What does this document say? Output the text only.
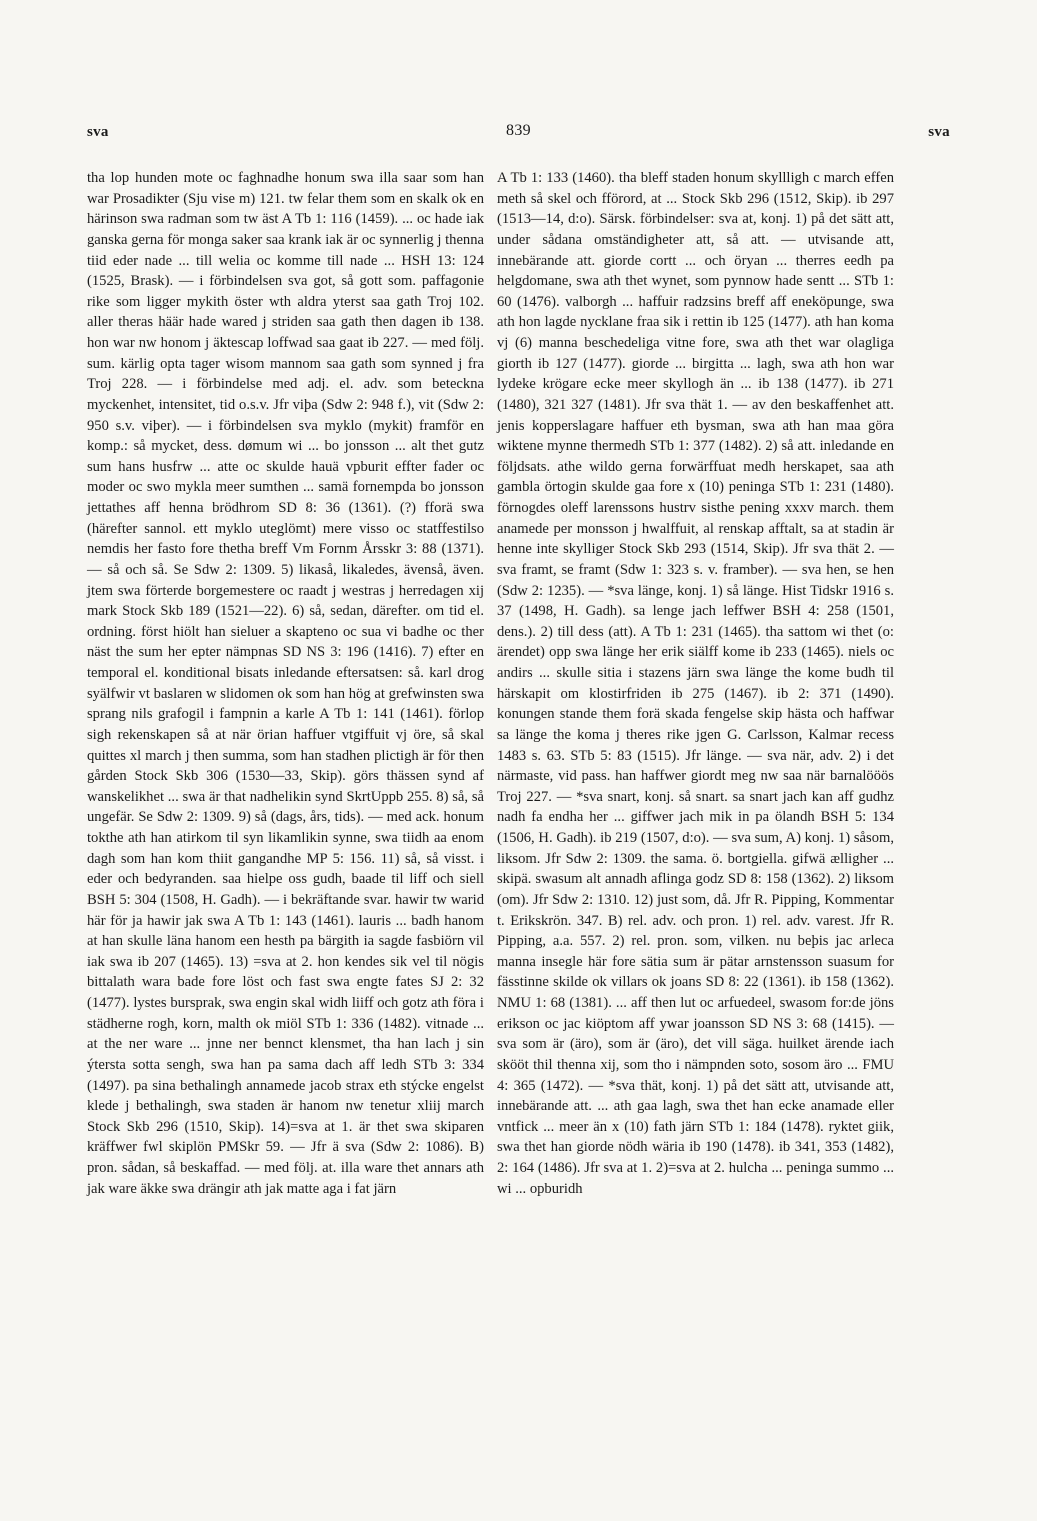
sva	839	sva

tha lop hunden mote oc faghnadhe honum swa illa saar som han war Prosadikter (Sju vise m) 121. tw felar them som en skalk ok en härinson swa radman som tw äst A Tb 1: 116 (1459). ... oc hade iak ganska gerna för monga saker saa krank iak är oc synnerlig j thenna tiid eder nade ... till welia oc komme till nade ... HSH 13: 124 (1525, Brask). — i förbindelsen sva got, så gott som. paffagonie rike som ligger mykith öster wth aldra yterst saa gath Troj 102. aller theras häär hade wared j striden saa gath then dagen ib 138. hon war nw honom j äktescap loffwad saa gaat ib 227. — med följ. sum. kärlig opta tager wisom mannom saa gath som synned j fra Troj 228. — i förbindelse med adj. el. adv. som beteckna myckenhet, intensitet, tid o.s.v. Jfr viþa (Sdw 2: 948 f.), vit (Sdw 2: 950 s.v. viþer). — i förbindelsen sva myklo (mykit) framför en komp.: så mycket, dess. dømum wi ... bo jonsson ... alt thet gutz sum hans husfrw ... atte oc skulde hauä vpburit effter fader oc moder oc swo mykla meer sumthen ... samä fornempda bo jonsson jettathes aff henna brödhrom SD 8: 36 (1361). (?) fforä swa (härefter sannol. ett myklo uteglömt) mere visso oc statffestilso nemdis her fasto fore thetha breff Vm Fornm Årsskr 3: 88 (1371). — så och så. Se Sdw 2: 1309. 5) likaså, likaledes, ävenså, även. jtem swa förterde borgemestere oc raadt j westras j herredagen xij mark Stock Skb 189 (1521—22). 6) så, sedan, därefter. om tid el. ordning. först hiölt han sieluer a skapteno oc sua vi badhe oc ther näst the sum her epter nämpnas SD NS 3: 196 (1416). 7) efter en temporal el. konditional bisats inledande eftersatsen: så. karl drog syälfwir vt baslaren w slidomen ok som han hög at grefwinsten swa sprang nils grafogil i fampnin a karle A Tb 1: 141 (1461). förlop sigh rekenskapen så at när örian haffuer vtgiffuit vj öre, så skal quittes xl march j then summa, som han stadhen plictigh är för then gården Stock Skb 306 (1530—33, Skip). görs thässen synd af wanskelikhet ... swa är that nadhelikin synd SkrtUppb 255. 8) så, så ungefär. Se Sdw 2: 1309. 9) så (dags, års, tids). — med ack. honum tokthe ath han atirkom til syn likamlikin synne, swa tiidh aa enom dagh som han kom thiit gangandhe MP 5: 156. 11) så, så visst. i eder och bedyranden. saa hielpe oss gudh, baade til liff och siell BSH 5: 304 (1508, H. Gadh). — i bekräftande svar. hawir tw warid här för ja hawir jak swa A Tb 1: 143 (1461). lauris ... badh hanom at han skulle läna hanom een hesth pa bärgith ia sagde fasbiörn vil iak swa ib 207 (1465). 13) =sva at 2. hon kendes sik vel til nögis bittalath wara bade fore löst och fast swa engte fates SJ 2: 32 (1477). lystes bursprak, swa engin skal widh liiff och gotz ath föra i städherne rogh, korn, malth ok miöl STb 1: 336 (1482). vitnade ... at the ner ware ... jnne ner bennct klensmet, tha han lach j sin ýtersta sotta sengh, swa han pa sama dach aff ledh STb 3: 334 (1497). pa sina bethalingh annamede jacob strax eth stýcke engelst klede j bethalingh, swa staden är hanom nw tenetur xliij march Stock Skb 296 (1510, Skip). 14)=sva at 1. är thet swa skiparen kräffwer fwl skiplön PMSkr 59. — Jfr ä sva (Sdw 2: 1086). B) pron. sådan, så beskaffad. — med följ. at. illa ware thet annars ath jak ware äkke swa drängir ath jak matte aga i fat järn

A Tb 1: 133 (1460). tha bleff staden honum skyllligh c march effen meth så skel och fförord, at ... Stock Skb 296 (1512, Skip). ib 297 (1513—14, d:o). Särsk. förbindelser: sva at, konj. 1) på det sätt att, under sådana omständigheter att, så att. — utvisande att, innebärande att. giorde cortt ... och öryan ... therres eedh pa helgdomane, swa ath thet wynet, som pynnow hade sentt ... STb 1: 60 (1476). valborgh ... haffuir radzsins breff aff eneköpunge, swa ath hon lagde nycklane fraa sik i rettin ib 125 (1477). ath han koma vj (6) manna beschedeliga vitne fore, swa ath thet war olagliga giorth ib 127 (1477). giorde ... birgitta ... lagh, swa ath hon war lydeke krögare ecke meer skyllogh än ... ib 138 (1477). ib 271 (1480), 321 327 (1481). Jfr sva thät 1. — av den beskaffenhet att. jenis kopperslagare haffuer eth bysman, swa ath han maa göra wiktene mynne thermedh STb 1: 377 (1482). 2) så att. inledande en följdsats. athe wildo gerna forwärffuat medh herskapet, saa ath gambla örtogin skulde gaa fore x (10) peninga STb 1: 231 (1480). förnogdes oleff larenssons hustrv sisthe pening xxxv march. them anamede per monsson j hwalffuit, al renskap afftalt, sa at stadin är henne inte skylliger Stock Skb 293 (1514, Skip). Jfr sva thät 2. — sva framt, se framt (Sdw 1: 323 s. v. framber). — sva hen, se hen (Sdw 2: 1235). — *sva länge, konj. 1) så länge. Hist Tidskr 1916 s. 37 (1498, H. Gadh). sa lenge jach leffwer BSH 4: 258 (1501, dens.). 2) till dess (att). A Tb 1: 231 (1465). tha sattom wi thet (o: ärendet) opp swa länge her erik siälff kome ib 233 (1465). niels oc andirs ... skulle sitia i stazens järn swa länge the kome budh til härskapit om klostirfriden ib 275 (1467). ib 2: 371 (1490). konungen stande them forä skada fengelse skip hästa och haffwar sa länge the koma j theres rike jgen G. Carlsson, Kalmar recess 1483 s. 63. STb 5: 83 (1515). Jfr länge. — sva när, adv. 2) i det närmaste, vid pass. han haffwer giordt meg nw saa när barnalööös Troj 227. — *sva snart, konj. så snart. sa snart jach kan aff gudhz nadh fa endha her ... giffwer jach mik in pa ölandh BSH 5: 134 (1506, H. Gadh). ib 219 (1507, d:o). — sva sum, A) konj. 1) såsom, liksom. Jfr Sdw 2: 1309. the sama. ö. bortgiella. gifwä ælligher ... skipä. swasum alt annadh aflinga godz SD 8: 158 (1362). 2) liksom (om). Jfr Sdw 2: 1310. 12) just som, då. Jfr R. Pipping, Kommentar t. Erikskrön. 347. B) rel. adv. och pron. 1) rel. adv. varest. Jfr R. Pipping, a.a. 557. 2) rel. pron. som, vilken. nu beþis jac arleca manna insegle här fore sätia sum är pätar arnstensson suasum for fässtinne skilde ok villars ok joans SD 8: 22 (1361). ib 158 (1362). NMU 1: 68 (1381). ... aff then lut oc arfuedeel, swasom for:de jöns erikson oc jac kiöptom aff ywar joansson SD NS 3: 68 (1415). — sva som är (äro), som är (äro), det vill säga. huilket ärende iach skööt thil thenna xij, som tho i nämpnden soto, sosom äro ... FMU 4: 365 (1472). — *sva thät, konj. 1) på det sätt att, utvisande att, innebärande att. ... ath gaa lagh, swa thet han ecke anamade eller vntfick ... meer än x (10) fath järn STb 1: 184 (1478). ryktet giik, swa thet han giorde nödh wäria ib 190 (1478). ib 341, 353 (1482), 2: 164 (1486). Jfr sva at 1. 2)=sva at 2. hulcha ... peninga summo ... wi ... opburidh
